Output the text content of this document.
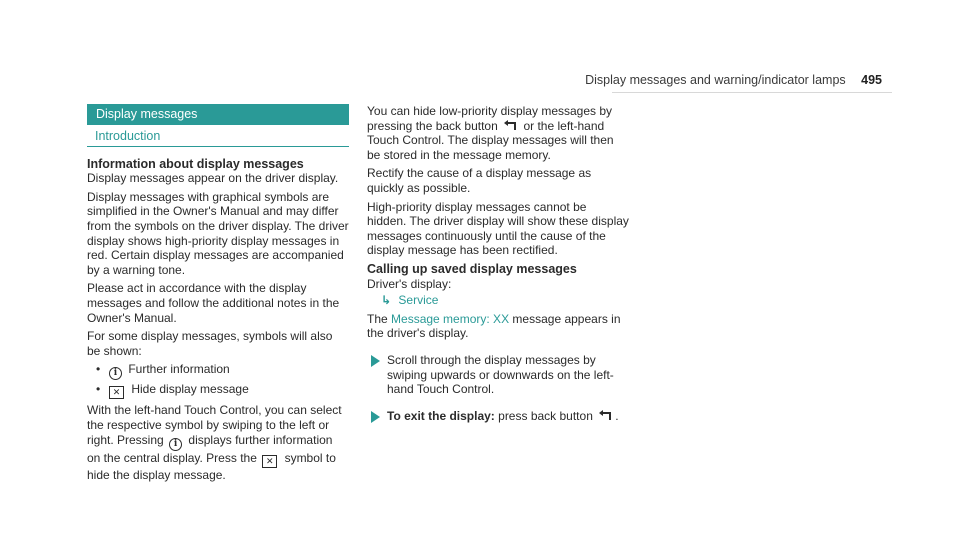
Display messages and warning/indicator lamps 495
Display messages
Introduction
Information about display messages

Display messages appear on the driver display.

Display messages with graphical symbols are simplified in the Owner's Manual and may differ from the symbols on the driver display. The driver display shows high-priority display messages in red. Certain display messages are accompanied by a warning tone.

Please act in accordance with the display messages and follow the additional notes in the Owner's Manual.

For some display messages, symbols will also be shown:

• i Further information
• ✕ Hide display message

With the left-hand Touch Control, you can select the respective symbol by swiping to the left or right. Pressing i displays further information on the central display. Press the ✕ symbol to hide the display message.

You can hide low-priority display messages by pressing the back button or the left-hand Touch Control. The display messages will then be stored in the message memory.

Rectify the cause of a display message as quickly as possible.

High-priority display messages cannot be hidden. The driver display will show these display messages continuously until the cause of the display message has been rectified.

Calling up saved display messages
Driver's display:
↳ Service

The Message memory: XX message appears in the driver's display.

Scroll through the display messages by swiping upwards or downwards on the left-hand Touch Control.
To exit the display: press back button .
